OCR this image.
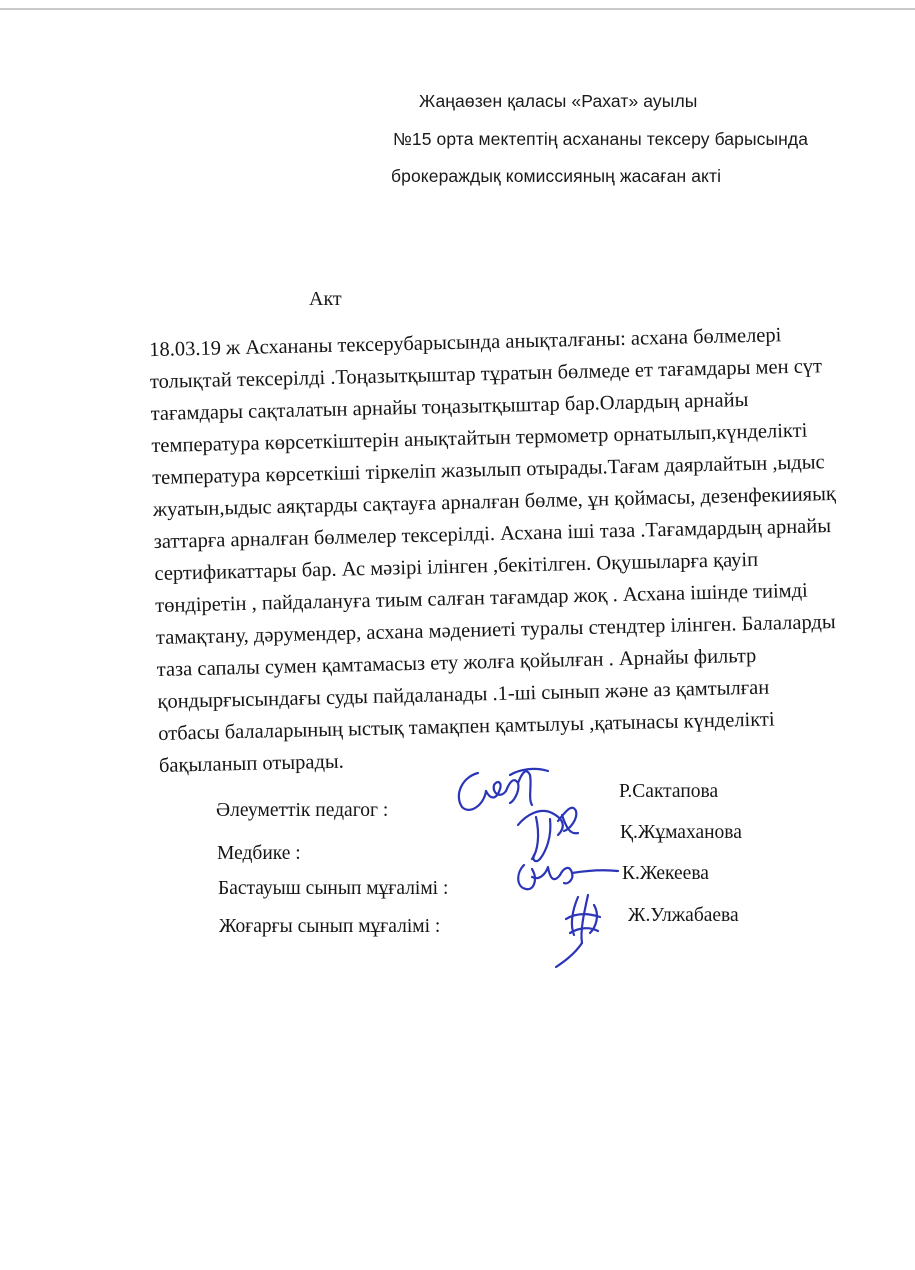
Жаңаөзен қаласы «Рахат» ауылы
№15 орта мектептің асхананы тексеру барысында
брокераждық комиссияның жасаған акті
Акт
18.03.19 ж Асхананы тексерубарысында анықталғаны: асхана бөлмелері
толықтай тексерілді .Тоңазытқыштар тұратын бөлмеде ет тағамдары мен сүт
тағамдары сақталатын арнайы тоңазытқыштар бар.Олардың арнайы
температура көрсеткіштерін анықтайтын термометр орнатылып,күнделікті
температура көрсеткіші тіркеліп жазылып отырады.Тағам даярлайтын ,ыдыс
жуатын,ыдыс аяқтарды сақтауға арналған бөлме, ұн қоймасы, дезенфекиияық
заттарға арналған бөлмелер тексерілді. Асхана іші таза .Тағамдардың арнайы
сертификаттары бар. Ас мәзірі ілінген ,бекітілген. Оқушыларға қауіп
төндіретін , пайдалануға тиым салған тағамдар жоқ . Асхана ішінде тиімді
тамақтану, дәрумендер, асхана мәдениеті туралы стендтер ілінген. Балаларды
таза сапалы сумен қамтамасыз ету жолға қойылған . Арнайы фильтр
қондырғысындағы суды пайдаланады .1-ші сынып және аз қамтылған
отбасы балаларының ыстық тамақпен қамтылуы ,қатынасы күнделікті
бақыланып отырады.
Әлеуметтік педагог :
Медбике :
Бастауыш сынып мұғалімі :
Жоғарғы сынып мұғалімі :
Р.Сактапова
Қ.Жұмаханова
К.Жекеева
Ж.Улжабаева
